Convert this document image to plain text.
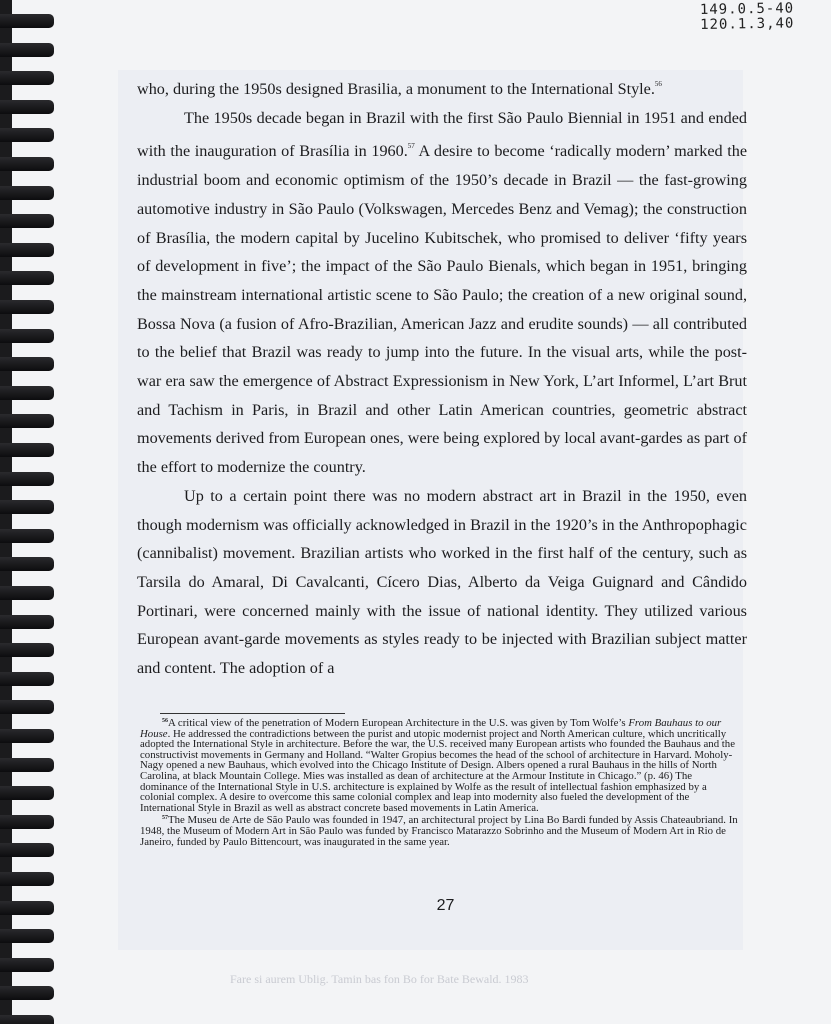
149.0.5-40
120.1.3,40

who, during the 1950s designed Brasilia, a monument to the International Style.$^{56}$

The 1950s decade began in Brazil with the first São Paulo Biennial in 1951 and ended with the inauguration of Brasília in 1960.57 A desire to become ‘radically modern’ marked the industrial boom and economic optimism of the 1950’s decade in Brazil — the fast-growing automotive industry in São Paulo (Volkswagen, Mercedes Benz and Vemag); the construction of Brasília, the modern capital by Jucelino Kubitschek, who promised to deliver ‘fifty years of development in five’; the impact of the São Paulo Bienals, which began in 1951, bringing the mainstream international artistic scene to São Paulo; the creation of a new original sound, Bossa Nova (a fusion of Afro-Brazilian, American Jazz and erudite sounds) — all contributed to the belief that Brazil was ready to jump into the future. In the visual arts, while the post-war era saw the emergence of Abstract Expressionism in New York, L’art Informel, L’art Brut and Tachism in Paris, in Brazil and other Latin American countries, geometric abstract movements derived from European ones, were being explored by local avant-gardes as part of the effort to modernize the country.

Up to a certain point there was no modern abstract art in Brazil in the 1950, even though modernism was officially acknowledged in Brazil in the 1920’s in the Anthropophagic (cannibalist) movement. Brazilian artists who worked in the first half of the century, such as Tarsila do Amaral, Di Cavalcanti, Cícero Dias, Alberto da Veiga Guignard and Cândido Portinari, were concerned mainly with the issue of national identity. They utilized various European avant-garde movements as styles ready to be injected with Brazilian subject matter and content. The adoption of a

$^{56}$A critical view of the penetration of Modern European Architecture in the U.S. was given by Tom Wolfe’s From Bauhaus to our House. He addressed the contradictions between the purist and utopic modernist project and North American culture, which uncritically adopted the International Style in architecture. Before the war, the U.S. received many European artists who founded the Bauhaus and the constructivist movements in Germany and Holland. “Walter Gropius becomes the head of the school of architecture in Harvard. Moholy-Nagy opened a new Bauhaus, which evolved into the Chicago Institute of Design. Albers opened a rural Bauhaus in the hills of North Carolina, at black Mountain College. Mies was installed as dean of architecture at the Armour Institute in Chicago.” (p. 46) The dominance of the International Style in U.S. architecture is explained by Wolfe as the result of intellectual fashion emphasized by a colonial complex. A desire to overcome this same colonial complex and leap into modernity also fueled the development of the International Style in Brazil as well as abstract concrete based movements in Latin America.

$^{57}$The Museu de Arte de São Paulo was founded in 1947, an architectural project by Lina Bo Bardi funded by Assis Chateaubriand. In 1948, the Museum of Modern Art in São Paulo was funded by Francisco Matarazzo Sobrinho and the Museum of Modern Art in Rio de Janeiro, funded by Paulo Bittencourt, was inaugurated in the same year.

27
Fare si aurem Ublig. Tamin bas fon Bo for Bate Bewald. 1983
